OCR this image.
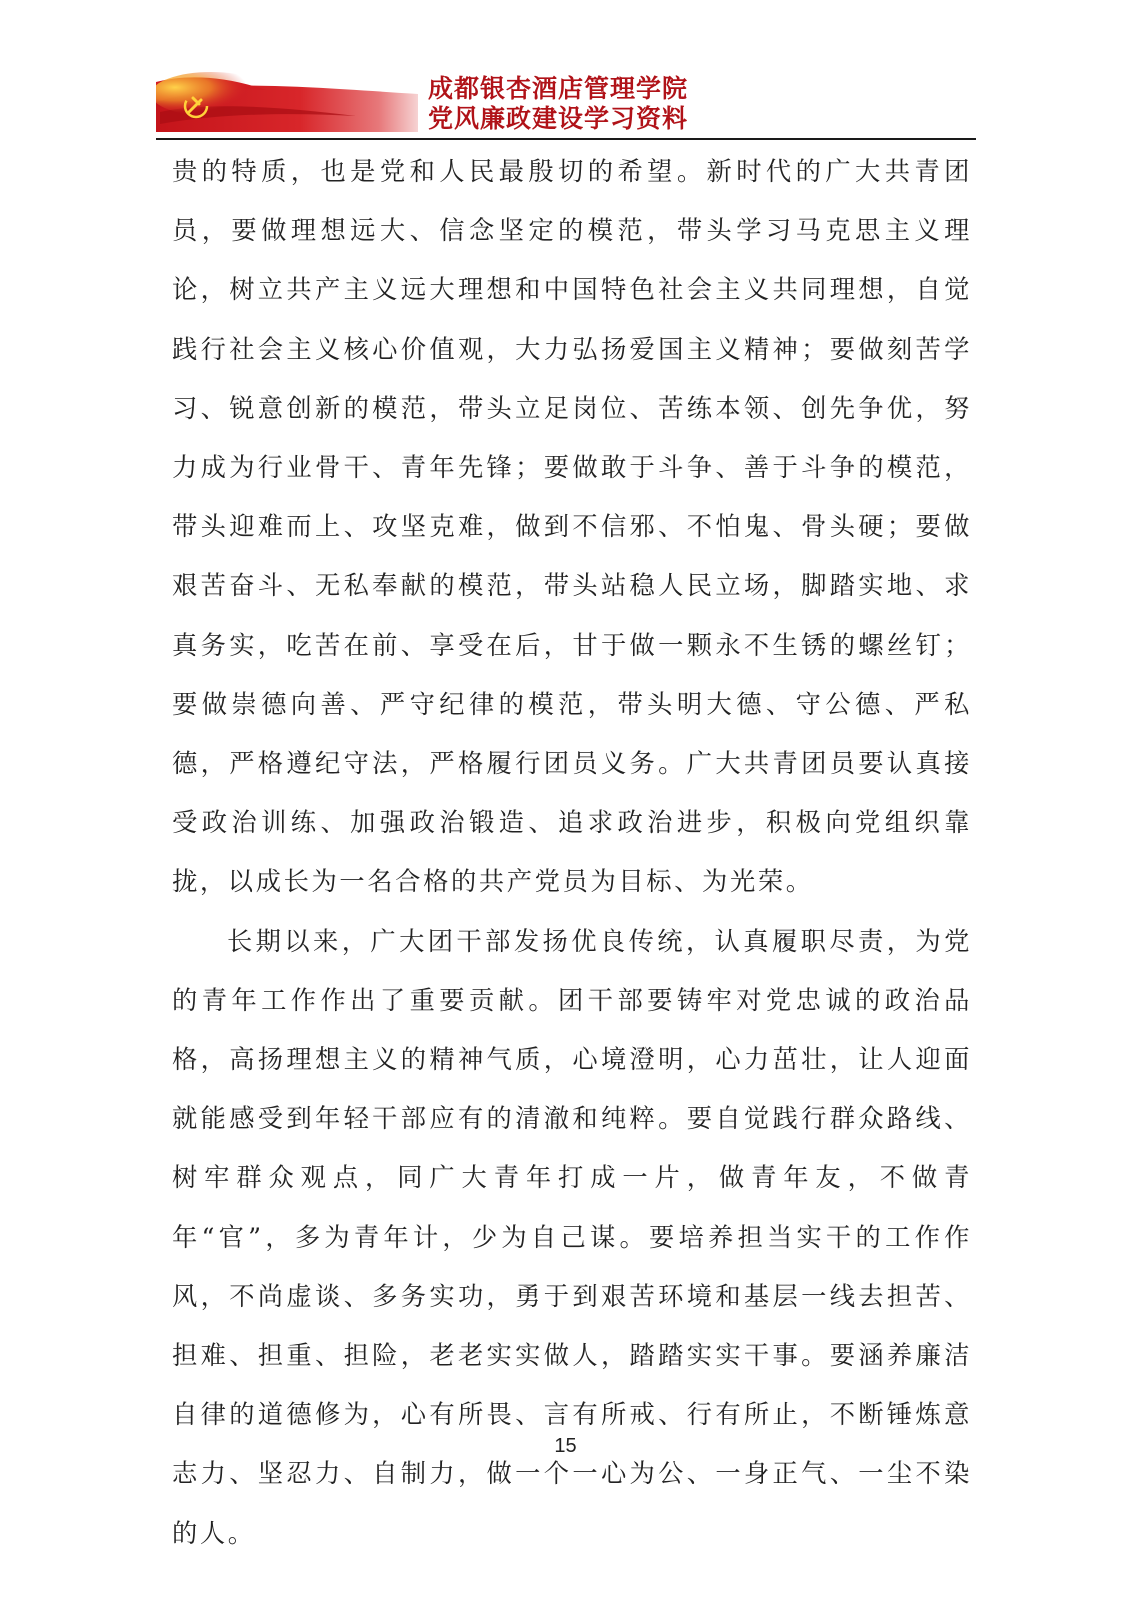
成都银杏酒店管理学院
党风廉政建设学习资料

贵的特质，也是党和人民最殷切的希望。新时代的广大共青团员，要做理想远大、信念坚定的模范，带头学习马克思主义理论，树立共产主义远大理想和中国特色社会主义共同理想，自觉践行社会主义核心价值观，大力弘扬爱国主义精神；要做刻苦学习、锐意创新的模范，带头立足岗位、苦练本领、创先争优，努力成为行业骨干、青年先锋；要做敢于斗争、善于斗争的模范，带头迎难而上、攻坚克难，做到不信邪、不怕鬼、骨头硬；要做艰苦奋斗、无私奉献的模范，带头站稳人民立场，脚踏实地、求真务实，吃苦在前、享受在后，甘于做一颗永不生锈的螺丝钉；要做崇德向善、严守纪律的模范，带头明大德、守公德、严私德，严格遵纪守法，严格履行团员义务。广大共青团员要认真接受政治训练、加强政治锻造、追求政治进步，积极向党组织靠拢，以成长为一名合格的共产党员为目标、为光荣。

长期以来，广大团干部发扬优良传统，认真履职尽责，为党的青年工作作出了重要贡献。团干部要铸牢对党忠诚的政治品格，高扬理想主义的精神气质，心境澄明，心力茁壮，让人迎面就能感受到年轻干部应有的清澈和纯粹。要自觉践行群众路线、树牢群众观点，同广大青年打成一片，做青年友，不做青年“官”，多为青年计，少为自己谋。要培养担当实干的工作作风，不尚虚谈、多务实功，勇于到艰苦环境和基层一线去担苦、担难、担重、担险，老老实实做人，踏踏实实干事。要涵养廉洁自律的道德修为，心有所畏、言有所戒、行有所止，不断锤炼意志力、坚忍力、自制力，做一个一心为公、一身正气、一尘不染的人。

15
